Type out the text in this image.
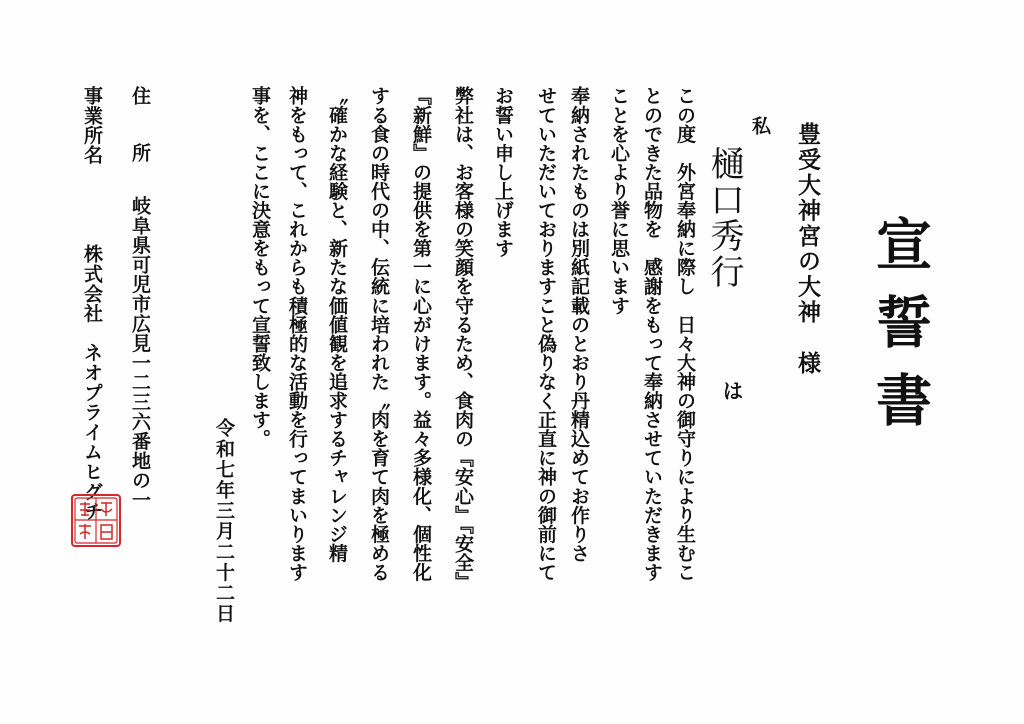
宣誓書
豊受大神宮の大神　様
私
樋口秀行
は
この度　外宮奉納に際し　日々大神の御守りにより生むこ
とのできた品物を　感謝をもって奉納させていただきます
ことを心より誉に思います
奉納されたものは別紙記載のとおり丹精込めてお作りさ
せていただいておりますこと偽りなく正直に神の御前にて
お誓い申し上げます
弊社は、お客様の笑顔を守るため、食肉の『安心』『安全』
『新鮮』の提供を第一に心がけます。益々多様化、個性化
する食の時代の中、伝統に培われた〝肉を育て肉を極める
〝確かな経験と、新たな価値観を追求するチャレンジ精
神をもって、これからも積極的な活動を行ってまいります
事を、ここに決意をもって宣誓致します。
令和七年三月二十二日
住　　所
岐阜県可児市広見一二三六番地の一
事業所名
株式会社　ネオプライムヒグチ
